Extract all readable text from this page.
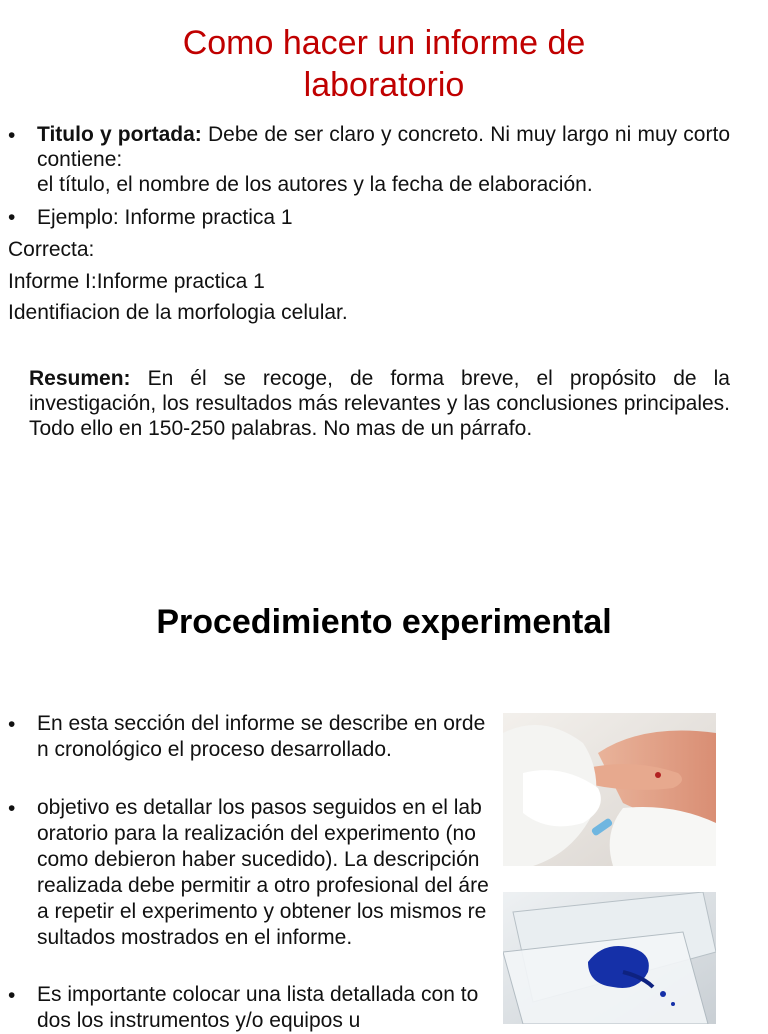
Como hacer un informe de laboratorio
• Titulo y portada: Debe de ser claro y concreto. Ni muy largo ni muy corto contiene:
el título, el nombre de los autores y la fecha de elaboración.
• Ejemplo: Informe practica 1
Correcta:
Informe I:Informe practica 1
Identifiacion de la morfologia celular.
Resumen: En él se recoge, de forma breve, el propósito de la investigación, los resultados más relevantes y las conclusiones principales. Todo ello en 150-250 palabras. No mas de un párrafo.
Procedimiento experimental
• En esta sección del informe se describe en orden cronológico el proceso desarrollado.
• objetivo es detallar los pasos seguidos en el laboratorio para la realización del experimento (no como debieron haber sucedido). La descripción realizada debe permitir a otro profesional del área repetir el experimento y obtener los mismos resultados mostrados en el informe.
• Es importante colocar una lista detallada con todos los instrumentos y/o equipos u
